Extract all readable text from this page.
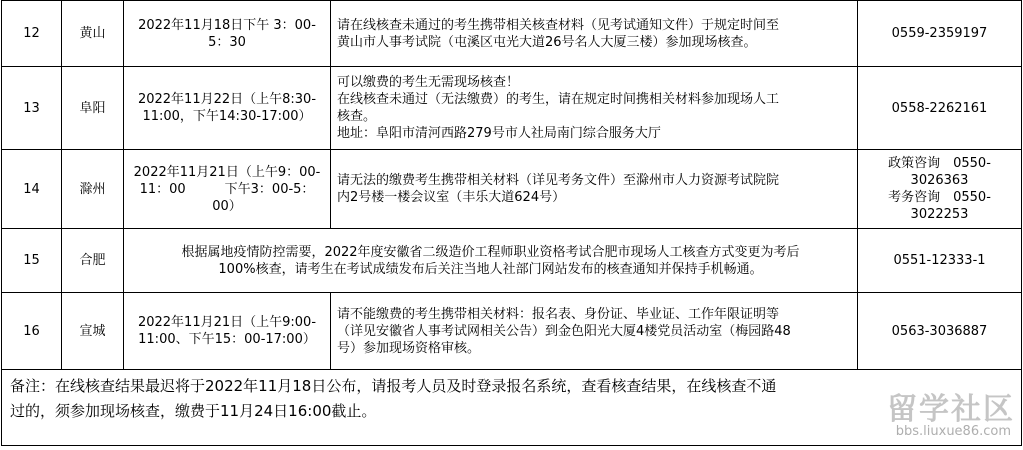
12	黄山	2022年11月18日下午 3：00-
5：30	请在线核查未通过的考生携带相关核查材料（见考试通知文件）于规定时间至
黄山市人事考试院（屯溪区屯光大道26号名人大厦三楼）参加现场核查。	0559-2359197

13	阜阳	2022年11月22日（上午8:30-
11:00，下午14:30-17:00）	可以缴费的考生无需现场核查！
在线核查未通过（无法缴费）的考生，请在规定时间携相关材料参加现场人工
核查。
地址：阜阳市清河西路279号市人社局南门综合服务大厅	0558-2262161

14	滁州	2022年11月21日（上午9：00-
11：00　　　下午3：00-5：
00）	请无法的缴费考生携带相关材料（详见考务文件）至滁州市人力资源考试院院
内2号楼一楼会议室（丰乐大道624号）	政策咨询　0550-
3026363
考务咨询　0550-
3022253

15	合肥	根据属地疫情防控需要，2022年度安徽省二级造价工程师职业资格考试合肥市现场人工核查方式变更为考后
100%核查，请考生在考试成绩发布后关注当地人社部门网站发布的核查通知并保持手机畅通。		0551-12333-1

16	宣城	2022年11月21日（上午9:00-
11:00、下午15：00-17:00）	请不能缴费的考生携带相关材料：报名表、身份证、毕业证、工作年限证明等
（详见安徽省人事考试网相关公告）到金色阳光大厦4楼党员活动室（梅园路48
号）参加现场资格审核。	0563-3036887

备注：在线核查结果最迟将于2022年11月18日公布，请报考人员及时登录报名系统，查看核查结果，在线核查不通
过的，须参加现场核查，缴费于11月24日16:00截止。					留学社区
bbs.liuxue86.com
